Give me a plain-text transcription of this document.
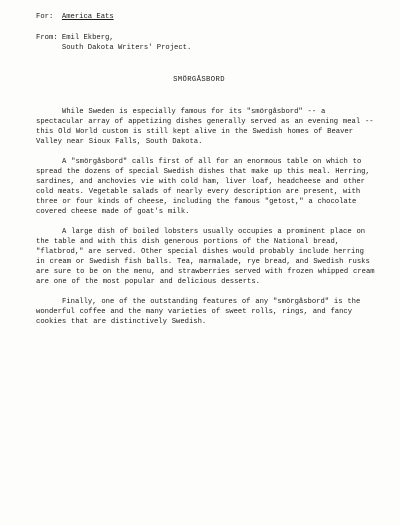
For: America Eats

From: Emil Ekberg,

South Dakota Writers' Project.

SMÖRGÅSBORD

While Sweden is especially famous for its "smörgåsbord" -- a spectacular array of appetizing dishes generally served as an evening meal -- this Old World custom is still kept alive in the Swedish homes of Beaver Valley near Sioux Falls, South Dakota.

A "smörgåsbord" calls first of all for an enormous table on which to spread the dozens of special Swedish dishes that make up this meal. Herring, sardines, and anchovies vie with cold ham, liver loaf, headcheese and other cold meats. Vegetable salads of nearly every description are present, with three or four kinds of cheese, including the famous "getost," a chocolate covered cheese made of goat's milk.

A large dish of boiled lobsters usually occupies a prominent place on the table and with this dish generous portions of the National bread, "flatbrod," are served. Other special dishes would probably include herring in cream or Swedish fish balls. Tea, marmalade, rye bread, and Swedish rusks are sure to be on the menu, and strawberries served with frozen whipped cream are one of the most popular and delicious desserts.

Finally, one of the outstanding features of any "smörgåsbord" is the wonderful coffee and the many varieties of sweet rolls, rings, and fancy cookies that are distinctively Swedish.
